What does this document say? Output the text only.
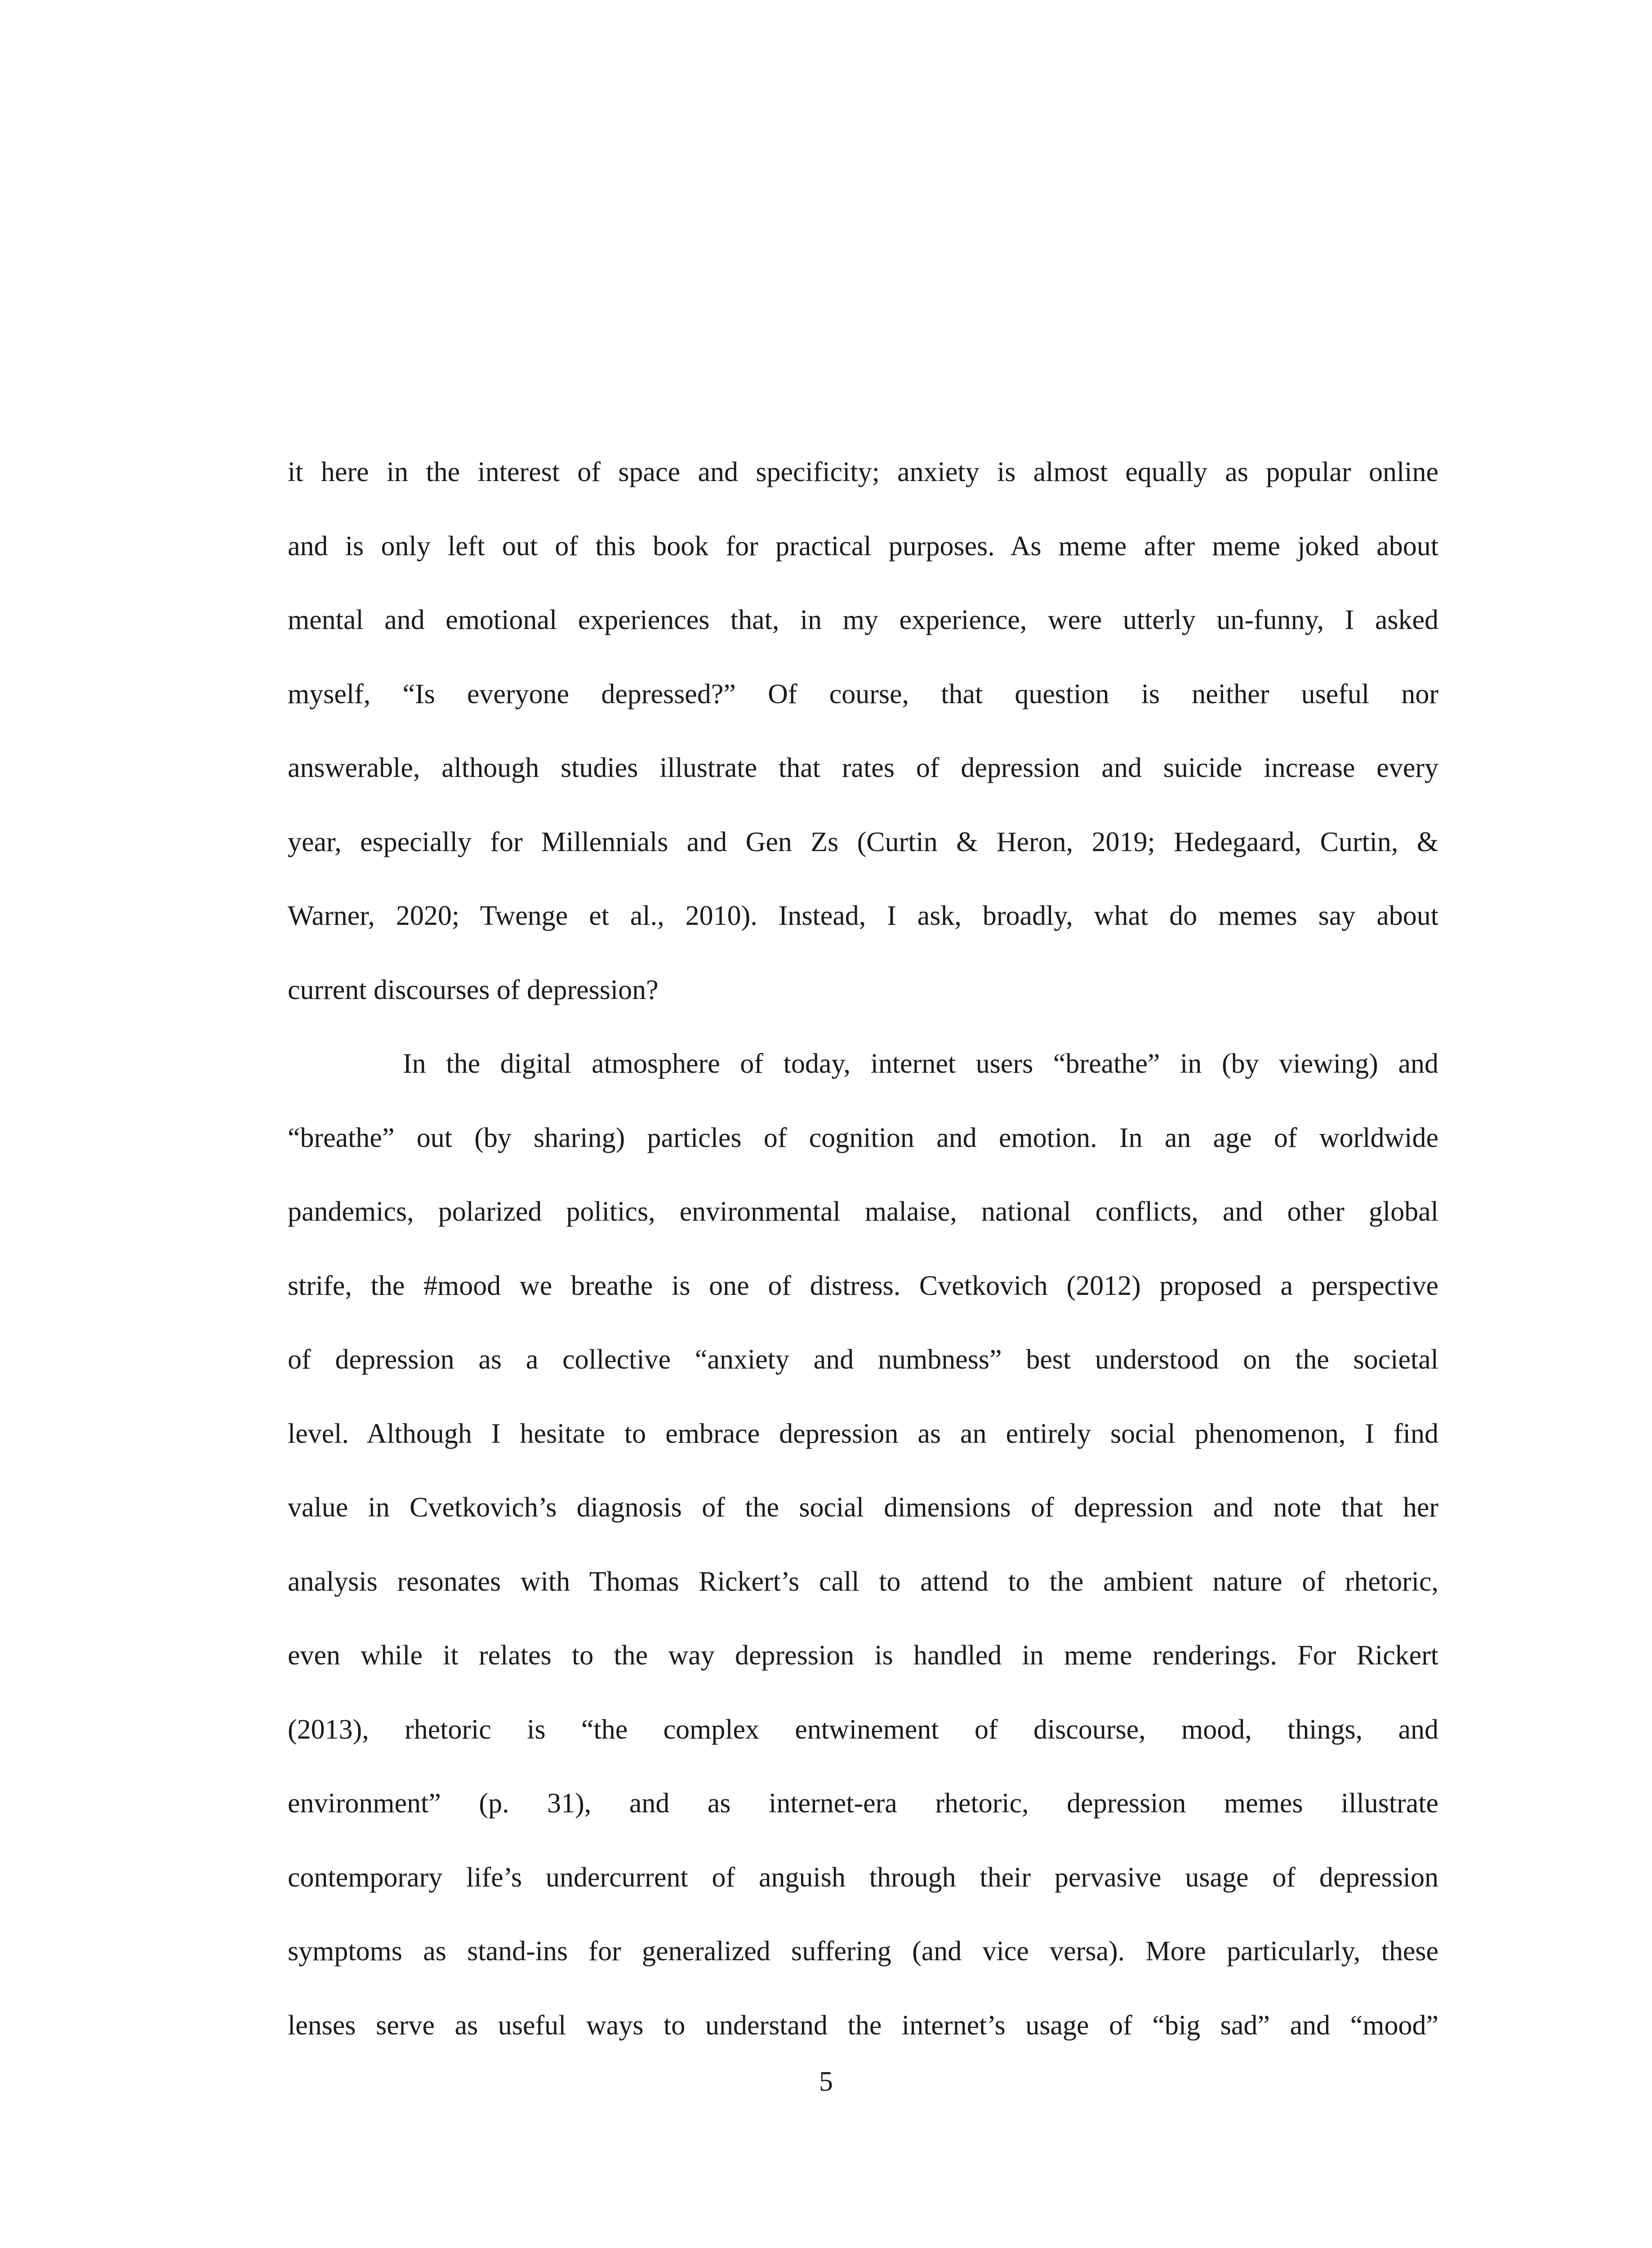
it here in the interest of space and specificity; anxiety is almost equally as popular online
and is only left out of this book for practical purposes. As meme after meme joked about
mental and emotional experiences that, in my experience, were utterly un-funny, I asked
myself, “Is everyone depressed?” Of course, that question is neither useful nor
answerable, although studies illustrate that rates of depression and suicide increase every
year, especially for Millennials and Gen Zs (Curtin & Heron, 2019; Hedegaard, Curtin, &
Warner, 2020; Twenge et al., 2010). Instead, I ask, broadly, what do memes say about
current discourses of depression?
In the digital atmosphere of today, internet users “breathe” in (by viewing) and
“breathe” out (by sharing) particles of cognition and emotion. In an age of worldwide
pandemics, polarized politics, environmental malaise, national conflicts, and other global
strife, the #mood we breathe is one of distress. Cvetkovich (2012) proposed a perspective
of depression as a collective “anxiety and numbness” best understood on the societal
level. Although I hesitate to embrace depression as an entirely social phenomenon, I find
value in Cvetkovich’s diagnosis of the social dimensions of depression and note that her
analysis resonates with Thomas Rickert’s call to attend to the ambient nature of rhetoric,
even while it relates to the way depression is handled in meme renderings. For Rickert
(2013), rhetoric is “the complex entwinement of discourse, mood, things, and
environment” (p. 31), and as internet-era rhetoric, depression memes illustrate
contemporary life’s undercurrent of anguish through their pervasive usage of depression
symptoms as stand-ins for generalized suffering (and vice versa). More particularly, these
lenses serve as useful ways to understand the internet’s usage of “big sad” and “mood”
5
